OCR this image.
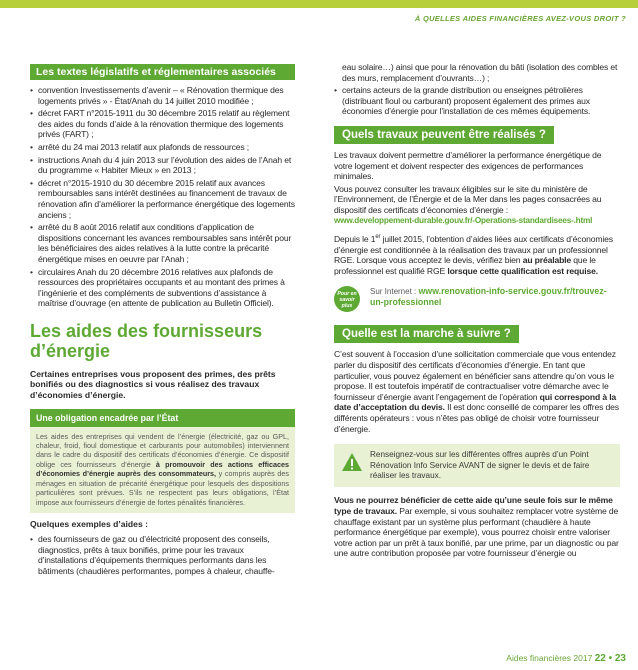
À QUELLES AIDES FINANCIÈRES AVEZ-VOUS DROIT ?
Les textes législatifs et réglementaires associés
• convention Investissements d’avenir – « Rénovation thermique des logements privés » - État/Anah du 14 juillet 2010 modifiée ;
• décret FART n°2015-1911 du 30 décembre 2015 relatif au règlement des aides du fonds d’aide à la rénovation thermique des logements privés (FART) ;
• arrêté du 24 mai 2013 relatif aux plafonds de ressources ;
• instructions Anah du 4 juin 2013 sur l’évolution des aides de l’Anah et du programme « Habiter Mieux » en 2013 ;
• décret n°2015-1910 du 30 décembre 2015 relatif aux avances remboursables sans intérêt destinées au financement de travaux de rénovation afin d’améliorer la performance énergétique des logements anciens ;
• arrêté du 8 août 2016 relatif aux conditions d’application de dispositions concernant les avances remboursables sans intérêt pour les bénéficiaires des aides relatives à la lutte contre la précarité énergétique mises en oeuvre par l’Anah ;
• circulaires Anah du 20 décembre 2016 relatives aux plafonds de ressources des propriétaires occupants et au montant des primes à l’ingénierie et des compléments de subventions d’assistance à maîtrise d’ouvrage (en attente de publication au Bulletin Officiel).
Les aides des fournisseurs d’énergie

Certaines entreprises vous proposent des primes, des prêts bonifiés ou des diagnostics si vous réalisez des travaux d’économies d’énergie.

Une obligation encadrée par l’État

Les aides des entreprises qui vendent de l’énergie (électricité, gaz ou GPL, chaleur, froid, fioul domestique et carburants pour automobiles) interviennent dans le cadre du dispositif des certificats d’économies d’énergie. Ce dispositif oblige ces fournisseurs d’énergie à promouvoir des actions efficaces d’économies d’énergie auprès des consommateurs, y compris auprès des ménages en situation de précarité énergétique pour lesquels des dispositions particulières sont prévues. S’ils ne respectent pas leurs obligations, l’État impose aux fournisseurs d’énergie de fortes pénalités financières.

Quelques exemples d’aides :

• des fournisseurs de gaz ou d’électricité proposent des conseils, diagnostics, prêts à taux bonifiés, prime pour les travaux d’installations d’équipements thermiques performants dans les bâtiments (chaudières performantes, pompes à chaleur, chauffe-
eau solaire…) ainsi que pour la rénovation du bâti (isolation des combles et des murs, remplacement d’ouvrants…) ;
• certains acteurs de la grande distribution ou enseignes pétrolières (distribuant fioul ou carburant) proposent également des primes aux économies d’énergie pour l’installation de ces mêmes équipements.
Quels travaux peuvent être réalisés ?

Les travaux doivent permettre d’améliorer la performance énergétique de votre logement et doivent respecter des exigences de performances minimales.

Vous pouvez consulter les travaux éligibles sur le site du ministère de l’Environnement, de l’Énergie et de la Mer dans les pages consacrées au dispositif des certificats d’économies d’énergie :

www.developpement-durable.gouv.fr/-Operations-standardisees-.html

Depuis le 1er juillet 2015, l’obtention d’aides liées aux certificats d’économies d’énergie est conditionnée à la réalisation des travaux par un professionnel RGE. Lorsque vous acceptez le devis, vérifiez bien au préalable que le professionnel est qualifié RGE lorsque cette qualification est requise.

Pour en savoir plus

Sur Internet : www.renovation-info-service.gouv.fr/trouvez-un-professionnel

Quelle est la marche à suivre ?

C’est souvent à l’occasion d’une sollicitation commerciale que vous entendez parler du dispositif des certificats d’économies d’énergie. En tant que particulier, vous pouvez également en bénéficier sans attendre qu’on vous le propose. Il est toutefois impératif de contractualiser votre démarche avec le fournisseur d’énergie avant l’engagement de l’opération qui correspond à la date d’acceptation du devis. Il est donc conseillé de comparer les offres des différents opérateurs : vous n’êtes pas obligé de choisir votre fournisseur d’énergie.

Renseignez-vous sur les différentes offres auprès d’un Point Rénovation Info Service AVANT de signer le devis et de faire réaliser les travaux.

Vous ne pourrez bénéficier de cette aide qu’une seule fois sur le même type de travaux. Par exemple, si vous souhaitez remplacer votre système de chauffage existant par un système plus performant (chaudière à haute performance énergétique par exemple), vous pourrez choisir entre valoriser votre action par un prêt à taux bonifié, par une prime, par un diagnostic ou par une autre contribution proposée par votre fournisseur d’énergie ou

Aides financières 2017 22 • 23
